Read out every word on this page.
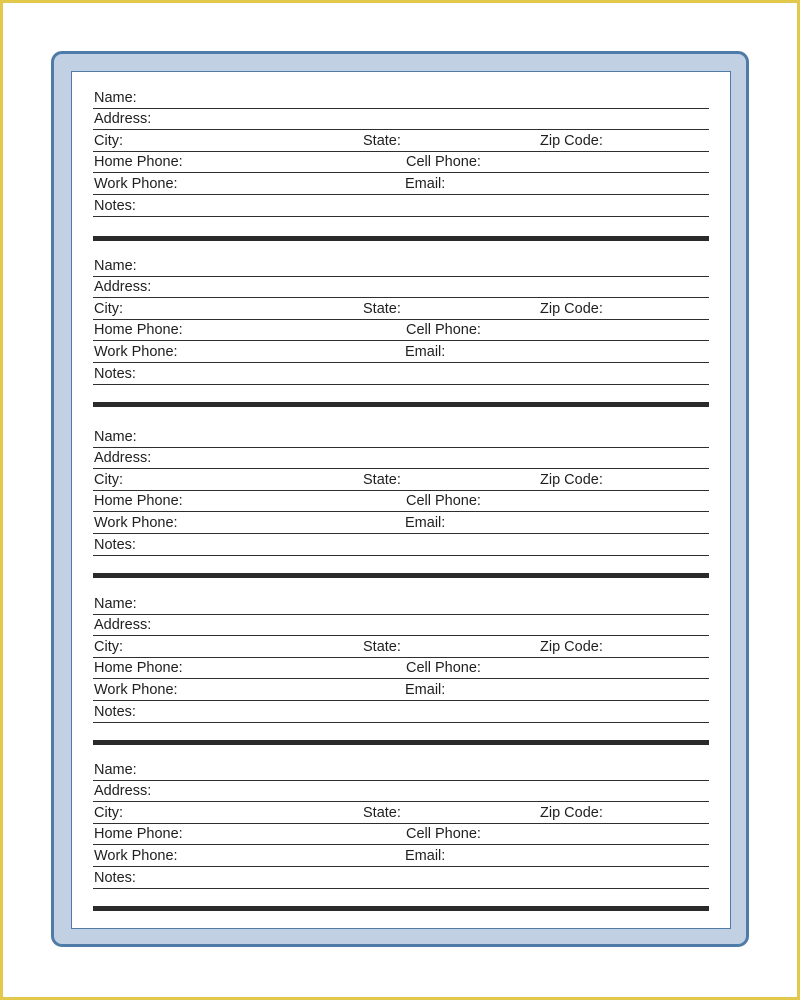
Name:
Address:
City:	State:	Zip Code:
Home Phone:	Cell Phone:
Work Phone:	Email:
Notes:
Name:
Address:
City:	State:	Zip Code:
Home Phone:	Cell Phone:
Work Phone:	Email:
Notes:
Name:
Address:
City:	State:	Zip Code:
Home Phone:	Cell Phone:
Work Phone:	Email:
Notes:
Name:
Address:
City:	State:	Zip Code:
Home Phone:	Cell Phone:
Work Phone:	Email:
Notes:
Name:
Address:
City:	State:	Zip Code:
Home Phone:	Cell Phone:
Work Phone:	Email:
Notes:
